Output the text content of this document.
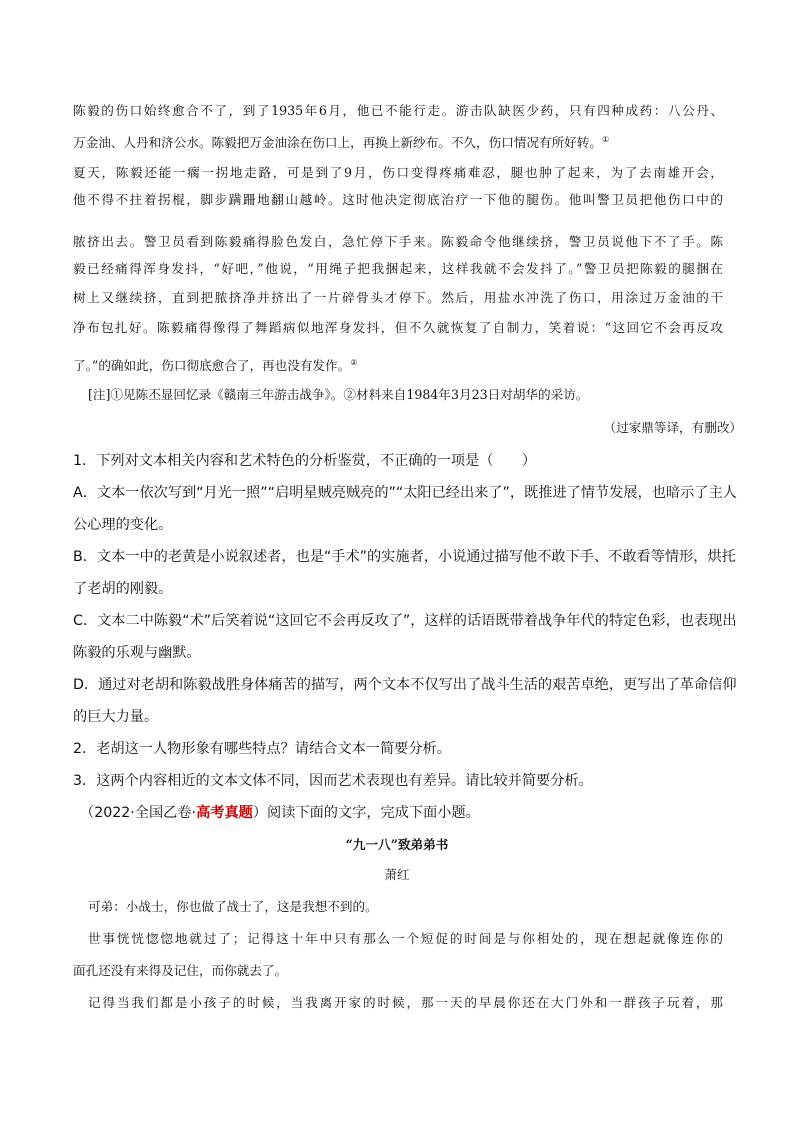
陈毅的伤口始终愈合不了，到了1935年6月，他已不能行走。游击队缺医少药，只有四种成药：八公丹、
万金油、人丹和济公水。陈毅把万金油涂在伤口上，再换上新纱布。不久，伤口情况有所好转。①
夏天，陈毅还能一瘸一拐地走路，可是到了9月，伤口变得疼痛难忍，腿也肿了起来，为了去南雄开会，
他不得不拄着拐棍，脚步蹒跚地翻山越岭。这时他决定彻底治疗一下他的腿伤。他叫警卫员把他伤口中的
脓挤出去。警卫员看到陈毅痛得脸色发白，急忙停下手来。陈毅命令他继续挤，警卫员说他下不了手。陈
毅已经痛得浑身发抖，“好吧，”他说，“用绳子把我捆起来，这样我就不会发抖了。”警卫员把陈毅的腿捆在
树上又继续挤，直到把脓挤净并挤出了一片碎骨头才停下。然后，用盐水冲洗了伤口，用涂过万金油的干
净布包扎好。陈毅痛得像得了舞蹈病似地浑身发抖，但不久就恢复了自制力，笑着说：“这回它不会再反攻
了。”的确如此，伤口彻底愈合了，再也没有发作。②
[注]①见陈丕显回忆录《赣南三年游击战争》。②材料来自1984年3月23日对胡华的采访。
（过家鼎等译，有删改）
1．下列对文本相关内容和艺术特色的分析鉴赏，不正确的一项是（　　）
A．文本一依次写到“月光一照”“启明星贼亮贼亮的”“太阳已经出来了”，既推进了情节发展，也暗示了主人
公心理的变化。
B．文本一中的老黄是小说叙述者，也是“手术”的实施者，小说通过描写他不敢下手、不敢看等情形，烘托
了老胡的刚毅。
C．文本二中陈毅“术”后笑着说“这回它不会再反攻了”，这样的话语既带着战争年代的特定色彩，也表现出
陈毅的乐观与幽默。
D．通过对老胡和陈毅战胜身体痛苦的描写，两个文本不仅写出了战斗生活的艰苦卓绝，更写出了革命信仰
的巨大力量。
2．老胡这一人物形象有哪些特点？请结合文本一简要分析。
3．这两个内容相近的文本文体不同，因而艺术表现也有差异。请比较并简要分析。
（2022·全国乙卷·高考真题）阅读下面的文字，完成下面小题。
“九一八”致弟弟书
萧红
可弟：小战士，你也做了战士了，这是我想不到的。
世事恍恍惚惚地就过了；记得这十年中只有那么一个短促的时间是与你相处的，现在想起就像连你的
面孔还没有来得及记住，而你就去了。
记得当我们都是小孩子的时候，当我离开家的时候，那一天的早晨你还在大门外和一群孩子玩着，那
